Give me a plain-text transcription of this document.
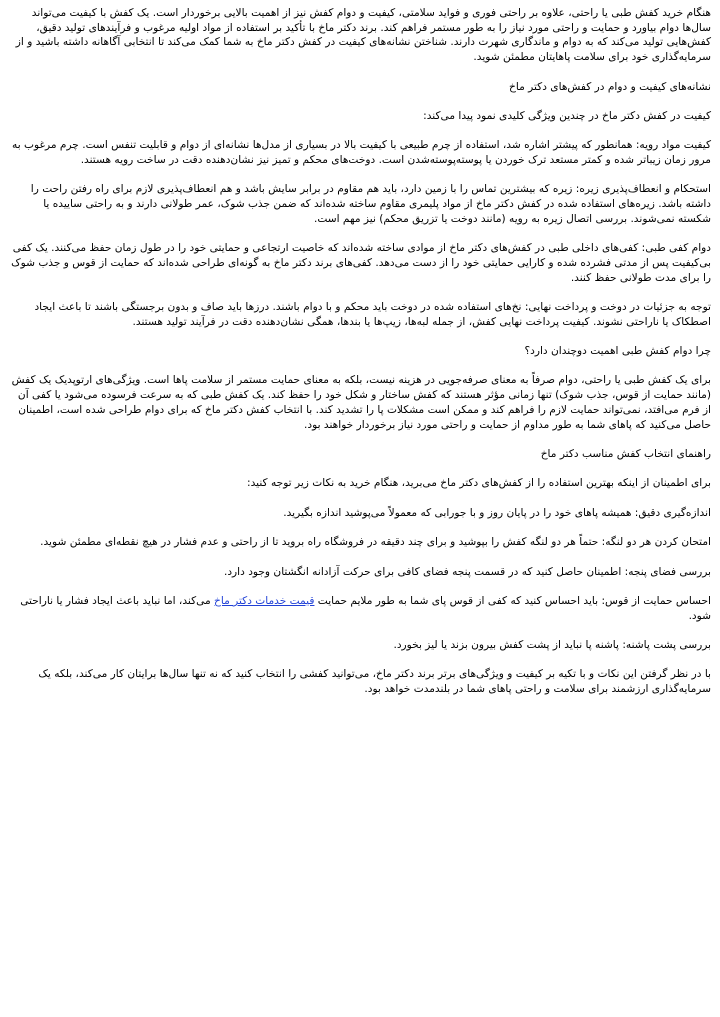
هنگام خرید کفش طبی یا راحتی، علاوه بر راحتی فوری و فواید سلامتی، کیفیت و دوام کفش نیز از اهمیت بالایی برخوردار است. یک کفش با کیفیت می‌تواند سال‌ها دوام بیاورد و حمایت و راحتی مورد نیاز را به طور مستمر فراهم کند. برند دکتر ماخ با تأکید بر استفاده از مواد اولیه مرغوب و فرآیندهای تولید دقیق، کفش‌هایی تولید می‌کند که به دوام و ماندگاری شهرت دارند. شناختن نشانه‌های کیفیت در کفش دکتر ماخ به شما کمک می‌کند تا انتخابی آگاهانه داشته باشید و از سرمایه‌گذاری خود برای سلامت پاهایتان مطمئن شوید.

نشانه‌های کیفیت و دوام در کفش‌های دکتر ماخ

کیفیت در کفش دکتر ماخ در چندین ویژگی کلیدی نمود پیدا می‌کند:

کیفیت مواد رویه: همانطور که پیشتر اشاره شد، استفاده از چرم طبیعی با کیفیت بالا در بسیاری از مدل‌ها نشانه‌ای از دوام و قابلیت تنفس است. چرم مرغوب به مرور زمان زیباتر شده و کمتر مستعد ترک خوردن یا پوسته‌پوسته‌شدن است. دوخت‌های محکم و تمیز نیز نشان‌دهنده دقت در ساخت رویه هستند.

استحکام و انعطاف‌پذیری زیره: زیره که بیشترین تماس را با زمین دارد، باید هم مقاوم در برابر سایش باشد و هم انعطاف‌پذیری لازم برای راه رفتن راحت را داشته باشد. زیره‌های استفاده شده در کفش دکتر ماخ از مواد پلیمری مقاوم ساخته شده‌اند که ضمن جذب شوک، عمر طولانی دارند و به راحتی ساییده یا شکسته نمی‌شوند. بررسی اتصال زیره به رویه (مانند دوخت یا تزریق محکم) نیز مهم است.

دوام کفی طبی: کفی‌های داخلی طبی در کفش‌های دکتر ماخ از موادی ساخته شده‌اند که خاصیت ارتجاعی و حمایتی خود را در طول زمان حفظ می‌کنند. یک کفی بی‌کیفیت پس از مدتی فشرده شده و کارایی حمایتی خود را از دست می‌دهد. کفی‌های برند دکتر ماخ به گونه‌ای طراحی شده‌اند که حمایت از قوس و جذب شوک را برای مدت طولانی حفظ کنند.

توجه به جزئیات در دوخت و پرداخت نهایی: نخ‌های استفاده شده در دوخت باید محکم و با دوام باشند. درزها باید صاف و بدون برجستگی باشند تا باعث ایجاد اصطکاک یا ناراحتی نشوند. کیفیت پرداخت نهایی کفش، از جمله لبه‌ها، زیپ‌ها یا بندها، همگی نشان‌دهنده دقت در فرآیند تولید هستند.

چرا دوام کفش طبی اهمیت دوچندان دارد؟

برای یک کفش طبی یا راحتی، دوام صرفاً به معنای صرفه‌جویی در هزینه نیست، بلکه به معنای حمایت مستمر از سلامت پاها است. ویژگی‌های ارتوپدیک یک کفش (مانند حمایت از قوس، جذب شوک) تنها زمانی مؤثر هستند که کفش ساختار و شکل خود را حفظ کند. یک کفش طبی که به سرعت فرسوده می‌شود یا کفی آن از فرم می‌افتد، نمی‌تواند حمایت لازم را فراهم کند و ممکن است مشکلات پا را تشدید کند. با انتخاب کفش دکتر ماخ که برای دوام طراحی شده است، اطمینان حاصل می‌کنید که پاهای شما به طور مداوم از حمایت و راحتی مورد نیاز برخوردار خواهند بود.

راهنمای انتخاب کفش مناسب دکتر ماخ

برای اطمینان از اینکه بهترین استفاده را از کفش‌های دکتر ماخ می‌برید، هنگام خرید به نکات زیر توجه کنید:

اندازه‌گیری دقیق: همیشه پاهای خود را در پایان روز و با جورابی که معمولاً می‌پوشید اندازه بگیرید.

امتحان کردن هر دو لنگه: حتماً هر دو لنگه کفش را بپوشید و برای چند دقیقه در فروشگاه راه بروید تا از راحتی و عدم فشار در هیچ نقطه‌ای مطمئن شوید.

بررسی فضای پنجه: اطمینان حاصل کنید که در قسمت پنجه فضای کافی برای حرکت آزادانه انگشتان وجود دارد.

احساس حمایت از قوس: باید احساس کنید که کفی از قوس پای شما به طور ملایم حمایت قیمت خدمات دکتر ماخ می‌کند، اما نباید باعث ایجاد فشار یا ناراحتی شود.

بررسی پشت پاشنه: پاشنه پا نباید از پشت کفش بیرون بزند یا لیز بخورد.

با در نظر گرفتن این نکات و با تکیه بر کیفیت و ویژگی‌های برتر برند دکتر ماخ، می‌توانید کفشی را انتخاب کنید که نه تنها سال‌ها برایتان کار می‌کند، بلکه یک سرمایه‌گذاری ارزشمند برای سلامت و راحتی پاهای شما در بلندمدت خواهد بود.
